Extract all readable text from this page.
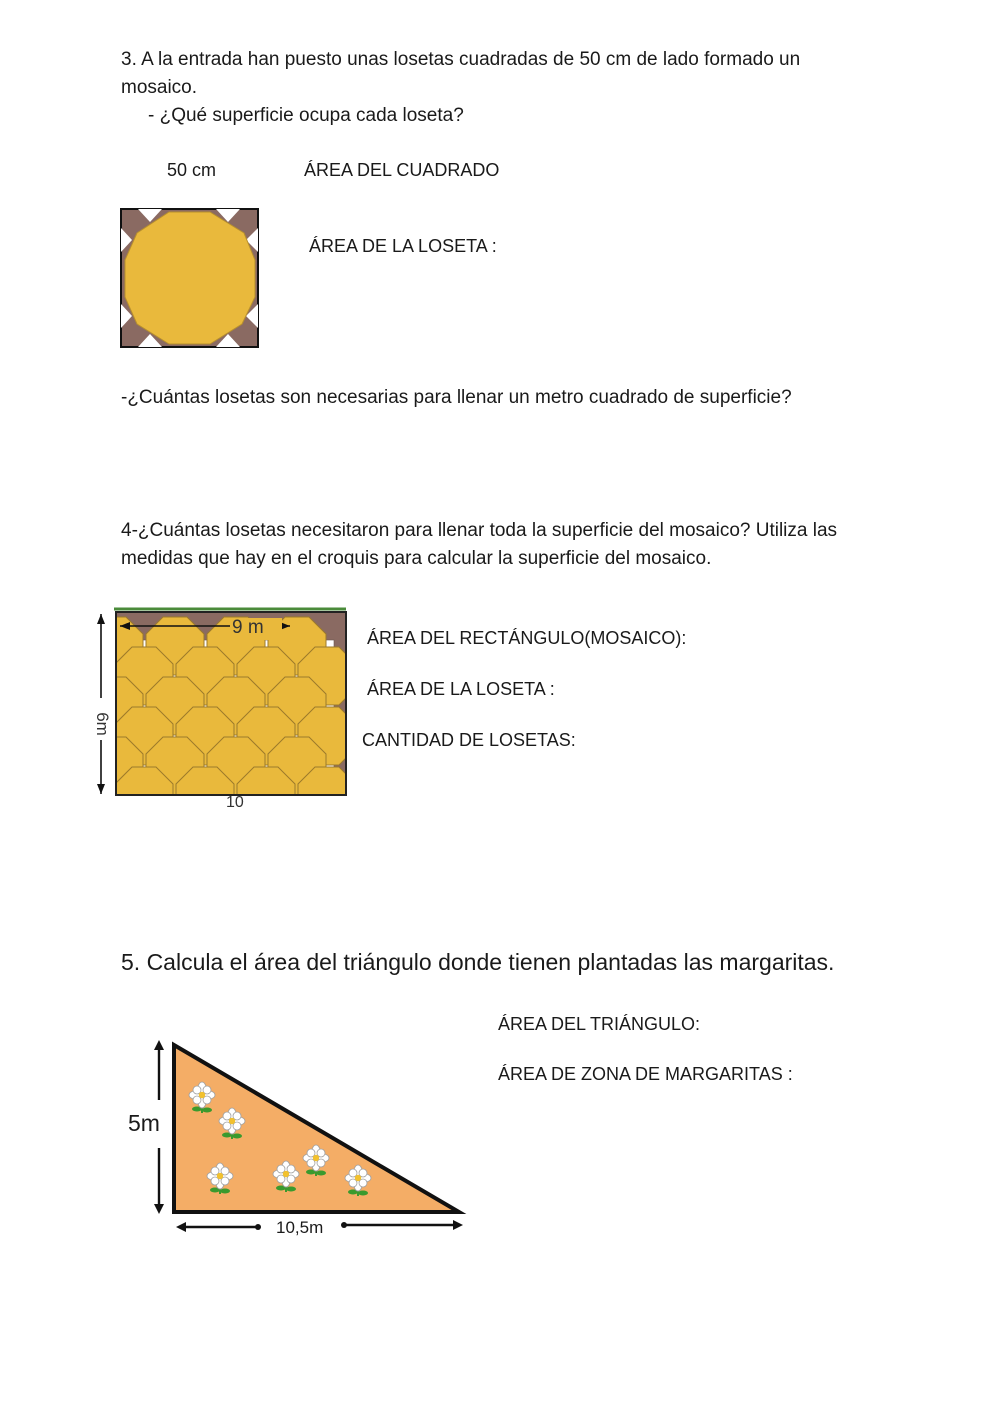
3. A la entrada han puesto unas losetas cuadradas de 50 cm de lado formado un
mosaico.
- ¿Qué superficie ocupa cada loseta?
50 cm	ÁREA DEL CUADRADO
ÁREA DE LA LOSETA :
-¿Cuántas losetas son necesarias para llenar un metro cuadrado de superficie?
4-¿Cuántas losetas necesitaron para llenar toda la superficie del mosaico? Utiliza las
medidas que hay en el croquis para calcular la superficie del mosaico.
9 m
6m
10
ÁREA DEL RECTÁNGULO(MOSAICO):
ÁREA DE LA LOSETA :
CANTIDAD DE LOSETAS:
5. Calcula el área del triángulo donde tienen plantadas las margaritas.
ÁREA DEL TRIÁNGULO:
ÁREA DE ZONA DE MARGARITAS :
5m
10,5m
